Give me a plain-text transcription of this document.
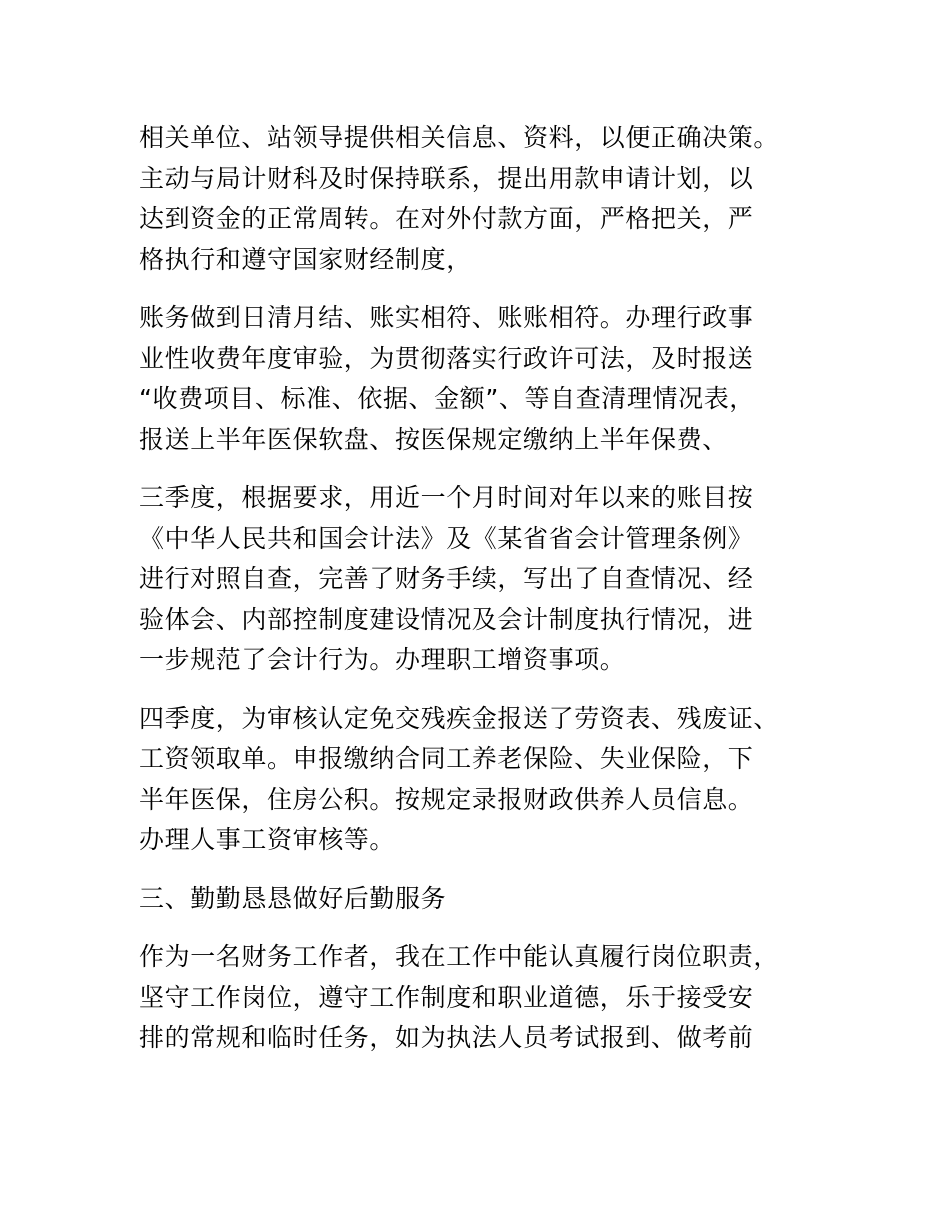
相关单位、站领导提供相关信息、资料，以便正确决策。
主动与局计财科及时保持联系，提出用款申请计划，以
达到资金的正常周转。在对外付款方面，严格把关，严
格执行和遵守国家财经制度，
账务做到日清月结、账实相符、账账相符。办理行政事
业性收费年度审验，为贯彻落实行政许可法，及时报送
“收费项目、标准、依据、金额”、等自查清理情况表，
报送上半年医保软盘、按医保规定缴纳上半年保费、
三季度，根据要求，用近一个月时间对年以来的账目按
《中华人民共和国会计法》及《某省省会计管理条例》
进行对照自查，完善了财务手续，写出了自查情况、经
验体会、内部控制度建设情况及会计制度执行情况，进
一步规范了会计行为。办理职工增资事项。
四季度，为审核认定免交残疾金报送了劳资表、残废证、
工资领取单。申报缴纳合同工养老保险、失业保险，下
半年医保，住房公积。按规定录报财政供养人员信息。
办理人事工资审核等。
三、勤勤恳恳做好后勤服务
作为一名财务工作者，我在工作中能认真履行岗位职责，
坚守工作岗位，遵守工作制度和职业道德，乐于接受安
排的常规和临时任务，如为执法人员考试报到、做考前
